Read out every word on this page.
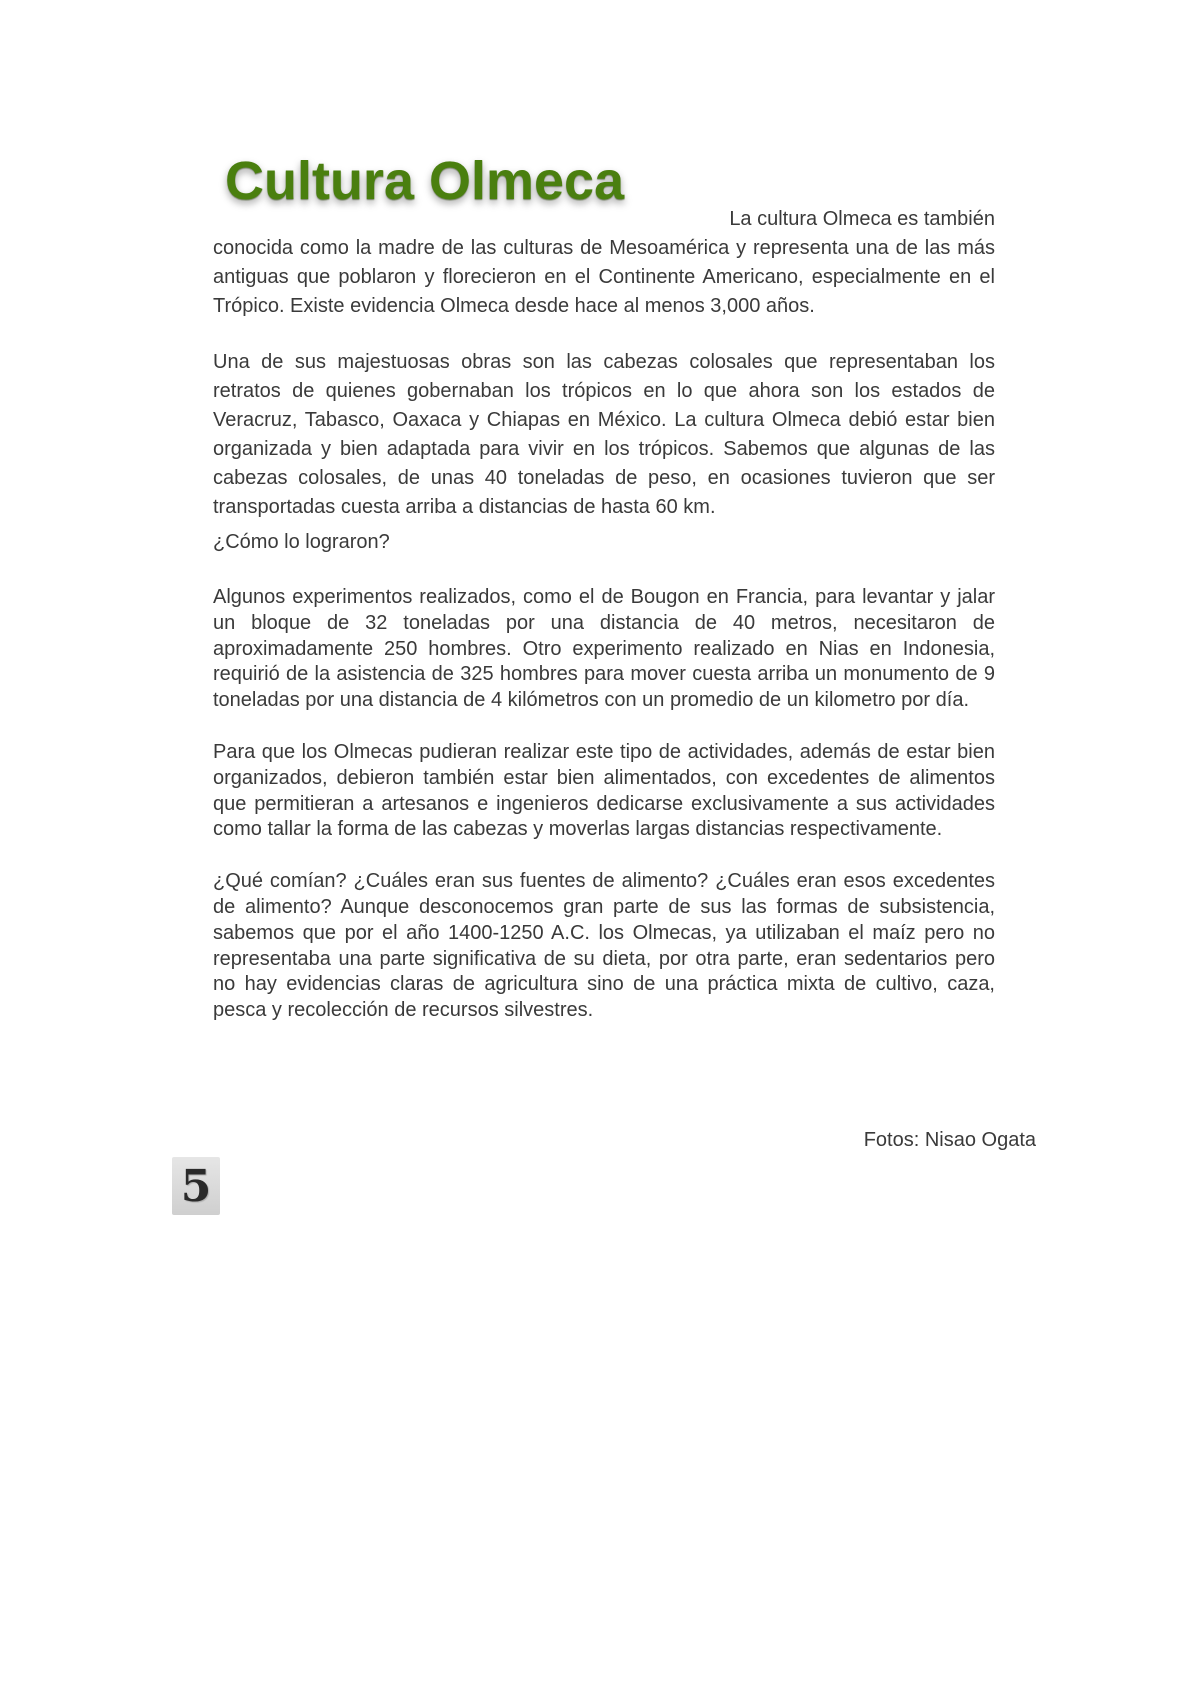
Cultura Olmeca
La cultura Olmeca es también
conocida como la madre de las culturas de Mesoamérica y representa una de las más antiguas que poblaron y florecieron en el Continente Americano, especialmente en el Trópico. Existe evidencia Olmeca desde hace al menos 3,000 años.

Una de sus majestuosas obras son las cabezas colosales que representaban los retratos de quienes gobernaban los trópicos en lo que ahora son los estados de Veracruz, Tabasco, Oaxaca y Chiapas en México. La cultura Olmeca debió estar bien organizada y bien adaptada para vivir en los trópicos. Sabemos que algunas de las cabezas colosales, de unas 40 toneladas de peso, en ocasiones tuvieron que ser transportadas cuesta arriba a distancias de hasta 60 km.

¿Cómo lo lograron?

Algunos experimentos realizados, como el de Bougon en Francia, para levantar y jalar un bloque de 32 toneladas por una distancia de 40 metros, necesitaron de aproximadamente 250 hombres. Otro experimento realizado en Nias en Indonesia, requirió de la asistencia de 325 hombres para mover cuesta arriba un monumento de 9 toneladas por una distancia de 4 kilómetros con un promedio de un kilometro por día.

Para que los Olmecas pudieran realizar este tipo de actividades, además de estar bien organizados, debieron también estar bien alimentados, con excedentes de alimentos que permitieran a artesanos e ingenieros dedicarse exclusivamente a sus actividades como tallar la forma de las cabezas y moverlas largas distancias respectivamente.

¿Qué comían? ¿Cuáles eran sus fuentes de alimento? ¿Cuáles eran esos excedentes de alimento? Aunque desconocemos gran parte de sus las formas de subsistencia, sabemos que por el año 1400-1250 A.C. los Olmecas, ya utilizaban el maíz pero no representaba una parte significativa de su dieta, por otra parte, eran sedentarios pero no hay evidencias claras de agricultura sino de una práctica mixta de cultivo, caza, pesca y recolección de recursos silvestres.

Fotos: Nisao Ogata
5
